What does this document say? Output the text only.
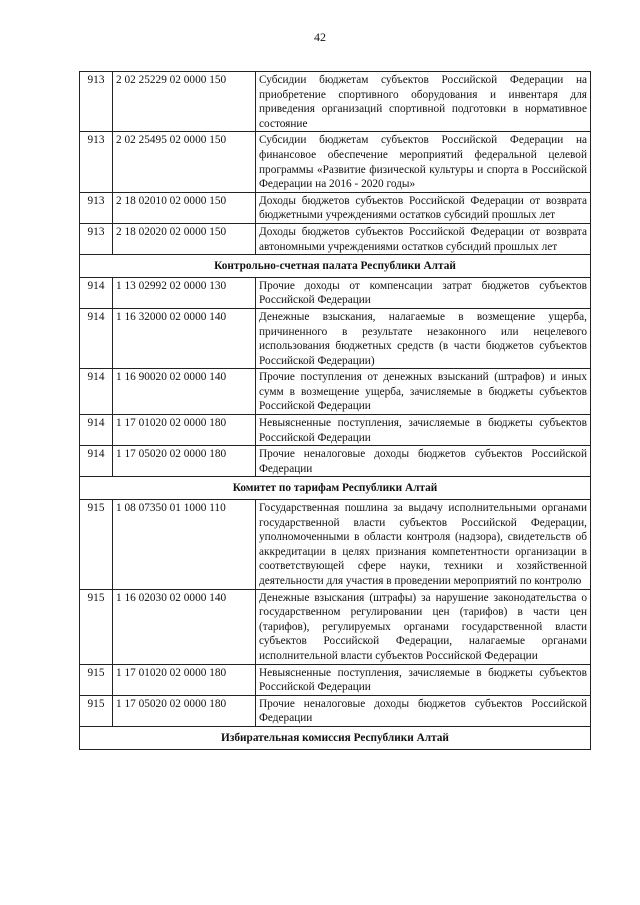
42
913	2 02 25229 02 0000 150	Субсидии бюджетам субъектов Российской Федерации на приобретение спортивного оборудования и инвентаря для приведения организаций спортивной подготовки в нормативное состояние
913	2 02 25495 02 0000 150	Субсидии бюджетам субъектов Российской Федерации на финансовое обеспечение мероприятий федеральной целевой программы «Развитие физической культуры и спорта в Российской Федерации на 2016 - 2020 годы»
913	2 18 02010 02 0000 150	Доходы бюджетов субъектов Российской Федерации от возврата бюджетными учреждениями остатков субсидий прошлых лет
913	2 18 02020 02 0000 150	Доходы бюджетов субъектов Российской Федерации от возврата автономными учреждениями остатков субсидий прошлых лет
Контрольно-счетная палата Республики Алтай		
914	1 13 02992 02 0000 130	Прочие доходы от компенсации затрат бюджетов субъектов Российской Федерации
914	1 16 32000 02 0000 140	Денежные взыскания, налагаемые в возмещение ущерба, причиненного в результате незаконного или нецелевого использования бюджетных средств (в части бюджетов субъектов Российской Федерации)
914	1 16 90020 02 0000 140	Прочие поступления от денежных взысканий (штрафов) и иных сумм в возмещение ущерба, зачисляемые в бюджеты субъектов Российской Федерации
914	1 17 01020 02 0000 180	Невыясненные поступления, зачисляемые в бюджеты субъектов Российской Федерации
914	1 17 05020 02 0000 180	Прочие неналоговые доходы бюджетов субъектов Российской Федерации
Комитет по тарифам Республики Алтай		
915	1 08 07350 01 1000 110	Государственная пошлина за выдачу исполнительными органами государственной власти субъектов Российской Федерации, уполномоченными в области контроля (надзора), свидетельств об аккредитации в целях признания компетентности организации в соответствующей сфере науки, техники и хозяйственной деятельности для участия в проведении мероприятий по контролю
915	1 16 02030 02 0000 140	Денежные взыскания (штрафы) за нарушение законодательства о государственном регулировании цен (тарифов) в части цен (тарифов), регулируемых органами государственной власти субъектов Российской Федерации, налагаемые органами исполнительной власти субъектов Российской Федерации
915	1 17 01020 02 0000 180	Невыясненные поступления, зачисляемые в бюджеты субъектов Российской Федерации
915	1 17 05020 02 0000 180	Прочие неналоговые доходы бюджетов субъектов Российской Федерации
Избирательная комиссия Республики Алтай		
